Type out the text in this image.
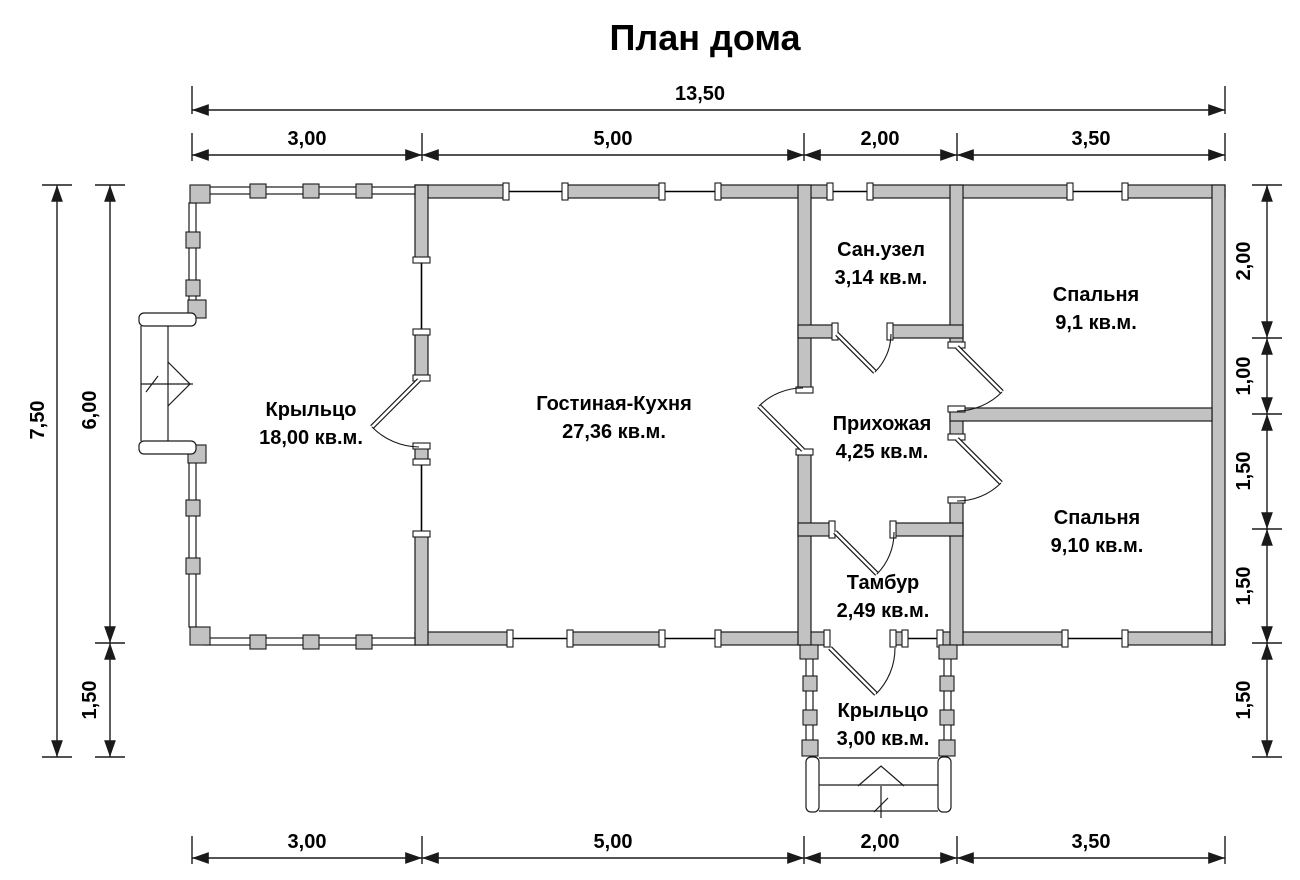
План дома
13,50
3,00	5,00	2,00	3,50
3,00	5,00	2,00	3,50
7,50 6,00
1,50
2,00
1,00
1,50
1,50
1,50
Крыльцо
18,00 кв.м.
Гостиная-Кухня
27,36 кв.м.
Сан.узел
3,14 кв.м.
Спальня
9,1 кв.м.
Прихожая
4,25 кв.м.
Спальня
9,10 кв.м.
Тамбур
2,49 кв.м.
Крыльцо
3,00 кв.м.
